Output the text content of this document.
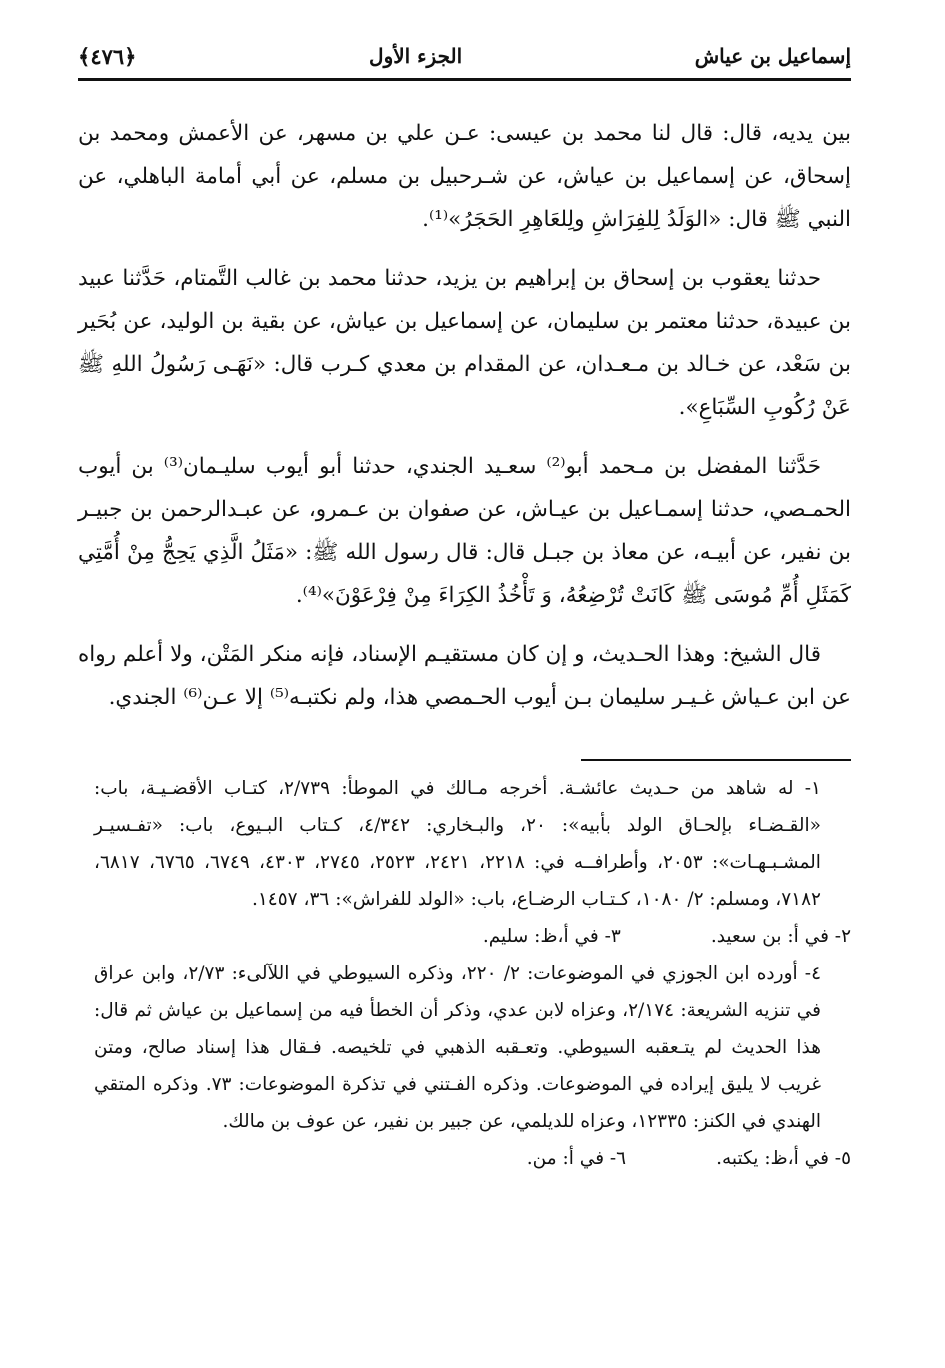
إسماعيل بن عياش
الجزء الأول
﴿٤٧٦﴾

بين يديه، قال: قال لنا محمد بن عيسى: عـن علي بن مسهر، عن الأعمش ومحمد بن إسحاق، عن إسماعيل بن عياش، عن شـرحبيل بن مسلم، عن أبي أمامة الباهلي، عن النبي ﷺ قال: «الوَلَدُ لِلفِرَاشِ ولِلعَاهِرِ الحَجَرُ»⁽¹⁾.

حدثنا يعقوب بن إسحاق بن إبراهيم بن يزيد، حدثنا محمد بن غالب التَّمتام، حَدَّثنا عبيد بن عبيدة، حدثنا معتمر بن سليمان، عن إسماعيل بن عياش، عن بقية بن الوليد، عن بُحَير بن سَعْد، عن خـالد بن مـعـدان، عن المقدام بن معدي كـرب قال: «نَهَـى رَسُولُ اللهِ ﷺ عَنْ رُكُوبِ السِّبَاعِ».

حَدَّثنا المفضل بن مـحمد أبو⁽²⁾ سعـيد الجندي، حدثنا أبو أيوب سليـمان⁽³⁾ بن أيوب الحمـصي، حدثنا إسمـاعيل بن عيـاش، عن صفوان بن عـمرو، عن عبـدالرحمن بن جبيـر بن نفير، عن أبيـه، عن معاذ بن جبـل قال: قال رسول الله ﷺ: «مَثَلُ الَّذِي يَحِجُّ مِنْ أُمَّتِي كَمَثَلِ أُمِّ مُوسَى ﷺ كَانَتْ تُرْضِعُهُ، وَ تَأْخُذُ الكِرَاءَ مِنْ فِرْعَوْنَ»⁽⁴⁾.

قال الشيخ: وهذا الحـديث، و إن كان مستقيـم الإسناد، فإنه منكر المَتْن، ولا أعلم رواه عن ابن عـياش غـيـر سليمان بـن أيوب الحـمصي هذا، ولم نكتبـه⁽⁵⁾ إلا عـن⁽⁶⁾ الجندي.

١- له شاهد من حـديث عائشـة. أخرجه مـالك في الموطأ: ٢/٧٣٩، كتـاب الأقضـيـة، باب: «القـضـاء بإلحـاق الولد بأبيه»: ٢٠، والبـخاري: ٤/٣٤٢، كـتاب البـيوع، باب: «تفـسيـر المشـبـهـات»: ٢٠٥٣، وأطرافــه في: ٢٢١٨، ٢٤٢١، ٢٥٢٣، ٢٧٤٥، ٤٣٠٣، ٦٧٤٩، ٦٧٦٥، ٦٨١٧، ٧١٨٢، ومسلم: ٢/ ١٠٨٠، كـتـاب الرضـاع، باب: «الولد للفراش»: ٣٦، ١٤٥٧.

٢- في أ: بن سعيد.
٣- في أ،ظ: سليم.

٤- أورده ابن الجوزي في الموضوعات: ٢/ ٢٢٠، وذكره السيوطي في اللآلىء: ٢/٧٣، وابن عراق في تنزيه الشريعة: ٢/١٧٤، وعزاه لابن عدي، وذكر أن الخطأ فيه من إسماعيل بن عياش ثم قال: هذا الحديث لم يتـعقبه السيوطي. وتعـقبه الذهبي في تلخيصه. فـقال هذا إسناد صالح، ومتن غريب لا يليق إيراده في الموضوعات. وذكره الفـتني في تذكرة الموضوعات: ٧٣. وذكره المتقي الهندي في الكنز: ١٢٣٣٥، وعزاه للديلمي، عن جبير بن نفير، عن عوف بن مالك.

٥- في أ،ظ: يكتبه.
٦- في أ: من.
